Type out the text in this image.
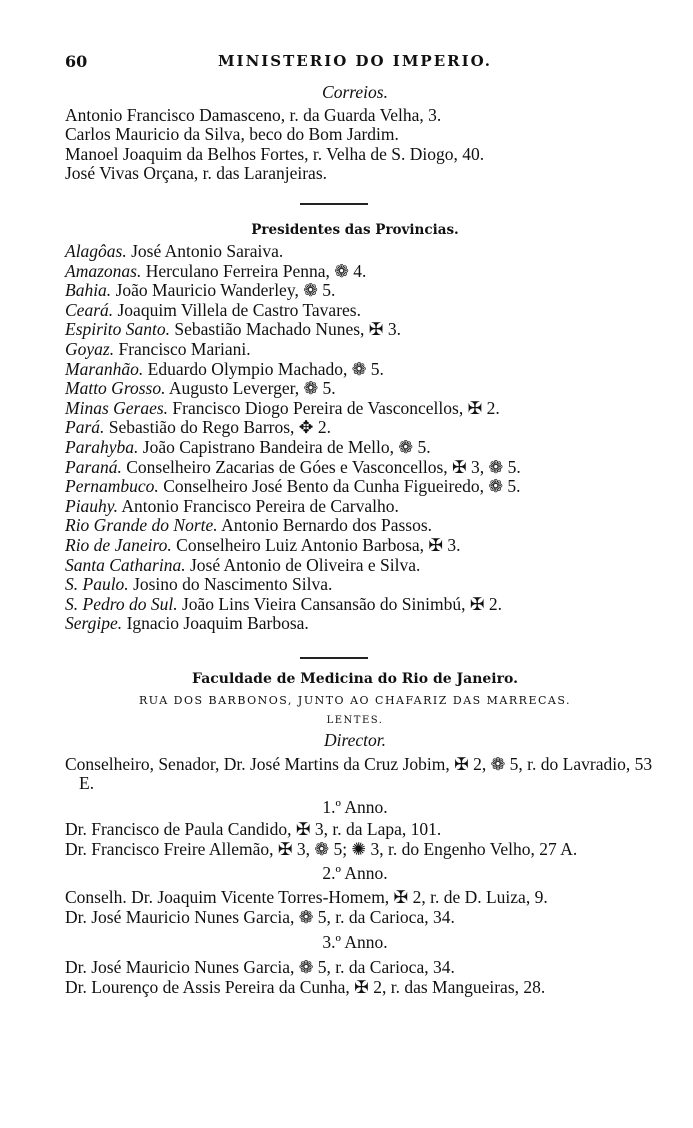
60	MINISTERIO DO IMPERIO.
Correios.
Antonio Francisco Damasceno, r. da Guarda Velha, 3.
Carlos Mauricio da Silva, beco do Bom Jardim.
Manoel Joaquim da Belhos Fortes, r. Velha de S. Diogo, 40.
José Vivas Orçana, r. das Laranjeiras.
Presidentes das Provincias.
Alagôas. José Antonio Saraiva.
Amazonas. Herculano Ferreira Penna, ❁ 4.
Bahia. João Mauricio Wanderley, ❁ 5.
Ceará. Joaquim Villela de Castro Tavares.
Espirito Santo. Sebastião Machado Nunes, ✠ 3.
Goyaz. Francisco Mariani.
Maranhão. Eduardo Olympio Machado, ❁ 5.
Matto Grosso. Augusto Leverger, ❁ 5.
Minas Geraes. Francisco Diogo Pereira de Vasconcellos, ✠ 2.
Pará. Sebastião do Rego Barros, ✥ 2.
Parahyba. João Capistrano Bandeira de Mello, ❁ 5.
Paraná. Conselheiro Zacarias de Góes e Vasconcellos, ✠ 3, ❁ 5.
Pernambuco. Conselheiro José Bento da Cunha Figueiredo, ❁ 5.
Piauhy. Antonio Francisco Pereira de Carvalho.
Rio Grande do Norte. Antonio Bernardo dos Passos.
Rio de Janeiro. Conselheiro Luiz Antonio Barbosa, ✠ 3.
Santa Catharina. José Antonio de Oliveira e Silva.
S. Paulo. Josino do Nascimento Silva.
S. Pedro do Sul. João Lins Vieira Cansansão do Sinimbú, ✠ 2.
Sergipe. Ignacio Joaquim Barbosa.
Faculdade de Medicina do Rio de Janeiro.
RUA DOS BARBONOS, JUNTO AO CHAFARIZ DAS MARRECAS.
LENTES.
Director.
Conselheiro, Senador, Dr. José Martins da Cruz Jobim, ✠ 2, ❁ 5, r. do Lavradio, 53 E.
1.º Anno.
Dr. Francisco de Paula Candido, ✠ 3, r. da Lapa, 101.
Dr. Francisco Freire Allemão, ✠ 3, ❁ 5; ✺ 3, r. do Engenho Velho, 27 A.
2.º Anno.
Conselh. Dr. Joaquim Vicente Torres-Homem, ✠ 2, r. de D. Luiza, 9.
Dr. José Mauricio Nunes Garcia, ❁ 5, r. da Carioca, 34.
3.º Anno.
Dr. José Mauricio Nunes Garcia, ❁ 5, r. da Carioca, 34.
Dr. Lourenço de Assis Pereira da Cunha, ✠ 2, r. das Mangueiras, 28.
